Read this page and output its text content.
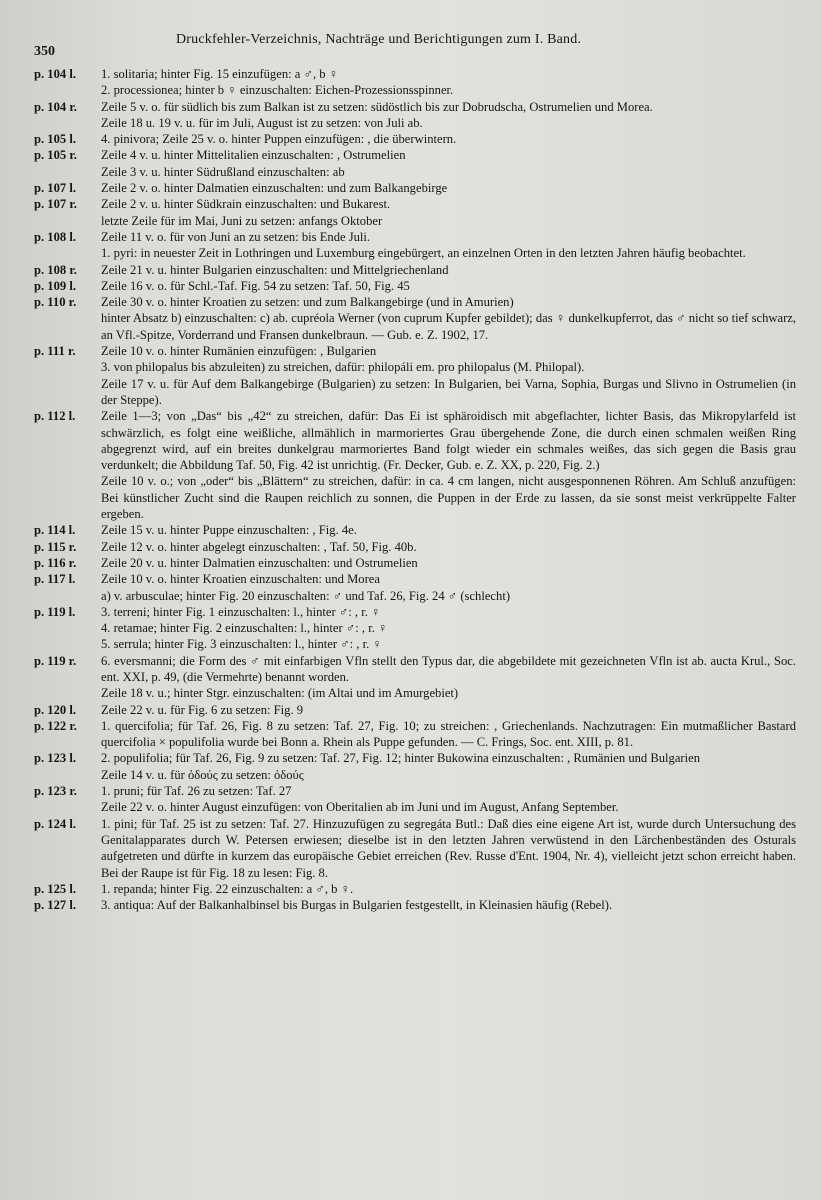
350
Druckfehler-Verzeichnis, Nachträge und Berichtigungen zum I. Band.
p. 104 l.	1. solitaria; hinter Fig. 15 einzufügen: a ♂, b ♀
2. processionea; hinter b ♀ einzuschalten: Eichen-Prozessionsspinner.
p. 104 r.	Zeile 5 v. o. für südlich bis zum Balkan ist zu setzen: südöstlich bis zur Dobrudscha, Ostrumelien und Morea.
Zeile 18 u. 19 v. u. für im Juli, August ist zu setzen: von Juli ab.
p. 105 l.	4. pinivora; Zeile 25 v. o. hinter Puppen einzufügen: , die überwintern.
p. 105 r.	Zeile 4 v. u. hinter Mittelitalien einzuschalten: , Ostrumelien
Zeile 3 v. u. hinter Südrußland einzuschalten: ab
p. 107 l.	Zeile 2 v. o. hinter Dalmatien einzuschalten: und zum Balkangebirge
p. 107 r.	Zeile 2 v. u. hinter Südkrain einzuschalten: und Bukarest.
letzte Zeile für im Mai, Juni zu setzen: anfangs Oktober
p. 108 l.	Zeile 11 v. o. für von Juni an zu setzen: bis Ende Juli.
1. pyri: in neuester Zeit in Lothringen und Luxemburg eingebürgert, an einzelnen Orten in den letzten Jahren häufig beobachtet.
p. 108 r.	Zeile 21 v. u. hinter Bulgarien einzuschalten: und Mittelgriechenland
p. 109 l.	Zeile 16 v. o. für Schl.-Taf. Fig. 54 zu setzen: Taf. 50, Fig. 45
p. 110 r.	Zeile 30 v. o. hinter Kroatien zu setzen: und zum Balkangebirge (und in Amurien)
hinter Absatz b) einzuschalten: c) ab. cupréola Werner (von cuprum Kupfer gebildet); das ♀ dunkelkupferrot, das ♂ nicht so tief schwarz, an Vfl.-Spitze, Vorderrand und Fransen dunkelbraun. — Gub. e. Z. 1902, 17.
p. 111 r.	Zeile 10 v. o. hinter Rumänien einzufügen: , Bulgarien
3. von philopalus bis abzuleiten) zu streichen, dafür: philopáli em. pro philopalus (M. Philopal).
Zeile 17 v. u. für Auf dem Balkangebirge (Bulgarien) zu setzen: In Bulgarien, bei Varna, Sophia, Burgas und Slivno in Ostrumelien (in der Steppe).
p. 112 l.	Zeile 1—3; von „Das“ bis „42“ zu streichen, dafür: Das Ei ist sphäroidisch mit abgeflachter, lichter Basis, das Mikropylarfeld ist schwärzlich, es folgt eine weißliche, allmählich in marmoriertes Grau übergehende Zone, die durch einen schmalen weißen Ring abgegrenzt wird, auf ein breites dunkelgrau marmoriertes Band folgt wieder ein schmales weißes, das sich gegen die Basis grau verdunkelt; die Abbildung Taf. 50, Fig. 42 ist unrichtig. (Fr. Decker, Gub. e. Z. XX, p. 220, Fig. 2.)
Zeile 10 v. o.; von „oder“ bis „Blättern“ zu streichen, dafür: in ca. 4 cm langen, nicht ausgesponnenen Röhren. Am Schluß anzufügen: Bei künstlicher Zucht sind die Raupen reichlich zu sonnen, die Puppen in der Erde zu lassen, da sie sonst meist verkrüppelte Falter ergeben.
p. 114 l.	Zeile 15 v. u. hinter Puppe einzuschalten: , Fig. 4e.
p. 115 r.	Zeile 12 v. o. hinter abgelegt einzuschalten: , Taf. 50, Fig. 40b.
p. 116 r.	Zeile 20 v. u. hinter Dalmatien einzuschalten: und Ostrumelien
p. 117 l.	Zeile 10 v. o. hinter Kroatien einzuschalten: und Morea
a) v. arbusculae; hinter Fig. 20 einzuschalten: ♂ und Taf. 26, Fig. 24 ♂ (schlecht)
p. 119 l.	3. terreni; hinter Fig. 1 einzuschalten: l., hinter ♂: , r. ♀
4. retamae; hinter Fig. 2 einzuschalten: l., hinter ♂: , r. ♀
5. serrula; hinter Fig. 3 einzuschalten: l., hinter ♂: , r. ♀
p. 119 r.	6. eversmanni; die Form des ♂ mit einfarbigen Vfln stellt den Typus dar, die abgebildete mit gezeichneten Vfln ist ab. aucta Krul., Soc. ent. XXI, p. 49, (die Vermehrte) benannt worden.
Zeile 18 v. u.; hinter Stgr. einzuschalten: (im Altai und im Amurgebiet)
p. 120 l.	Zeile 22 v. u. für Fig. 6 zu setzen: Fig. 9
p. 122 r.	1. quercifolia; für Taf. 26, Fig. 8 zu setzen: Taf. 27, Fig. 10; zu streichen: , Griechenlands. Nachzutragen: Ein mutmaßlicher Bastard quercifolia × populifolia wurde bei Bonn a. Rhein als Puppe gefunden. — C. Frings, Soc. ent. XIII, p. 81.
p. 123 l.	2. populifolia; für Taf. 26, Fig. 9 zu setzen: Taf. 27, Fig. 12; hinter Bukowina einzuschalten: , Rumänien und Bulgarien
Zeile 14 v. u. für ὀδούς zu setzen: ὀδούς
p. 123 r.	1. pruni; für Taf. 26 zu setzen: Taf. 27
Zeile 22 v. o. hinter August einzufügen: von Oberitalien ab im Juni und im August, Anfang September.
p. 124 l.	1. pini; für Taf. 25 ist zu setzen: Taf. 27. Hinzuzufügen zu segregáta Butl.: Daß dies eine eigene Art ist, wurde durch Untersuchung des Genitalapparates durch W. Petersen erwiesen; dieselbe ist in den letzten Jahren verwüstend in den Lärchenbeständen des Osturals aufgetreten und dürfte in kurzem das europäische Gebiet erreichen (Rev. Russe d'Ent. 1904, Nr. 4), vielleicht jetzt schon erreicht haben. Bei der Raupe ist für Fig. 18 zu lesen: Fig. 8.
p. 125 l.	1. repanda; hinter Fig. 22 einzuschalten: a ♂, b ♀.
p. 127 l.	3. antiqua: Auf der Balkanhalbinsel bis Burgas in Bulgarien festgestellt, in Kleinasien häufig (Rebel).
